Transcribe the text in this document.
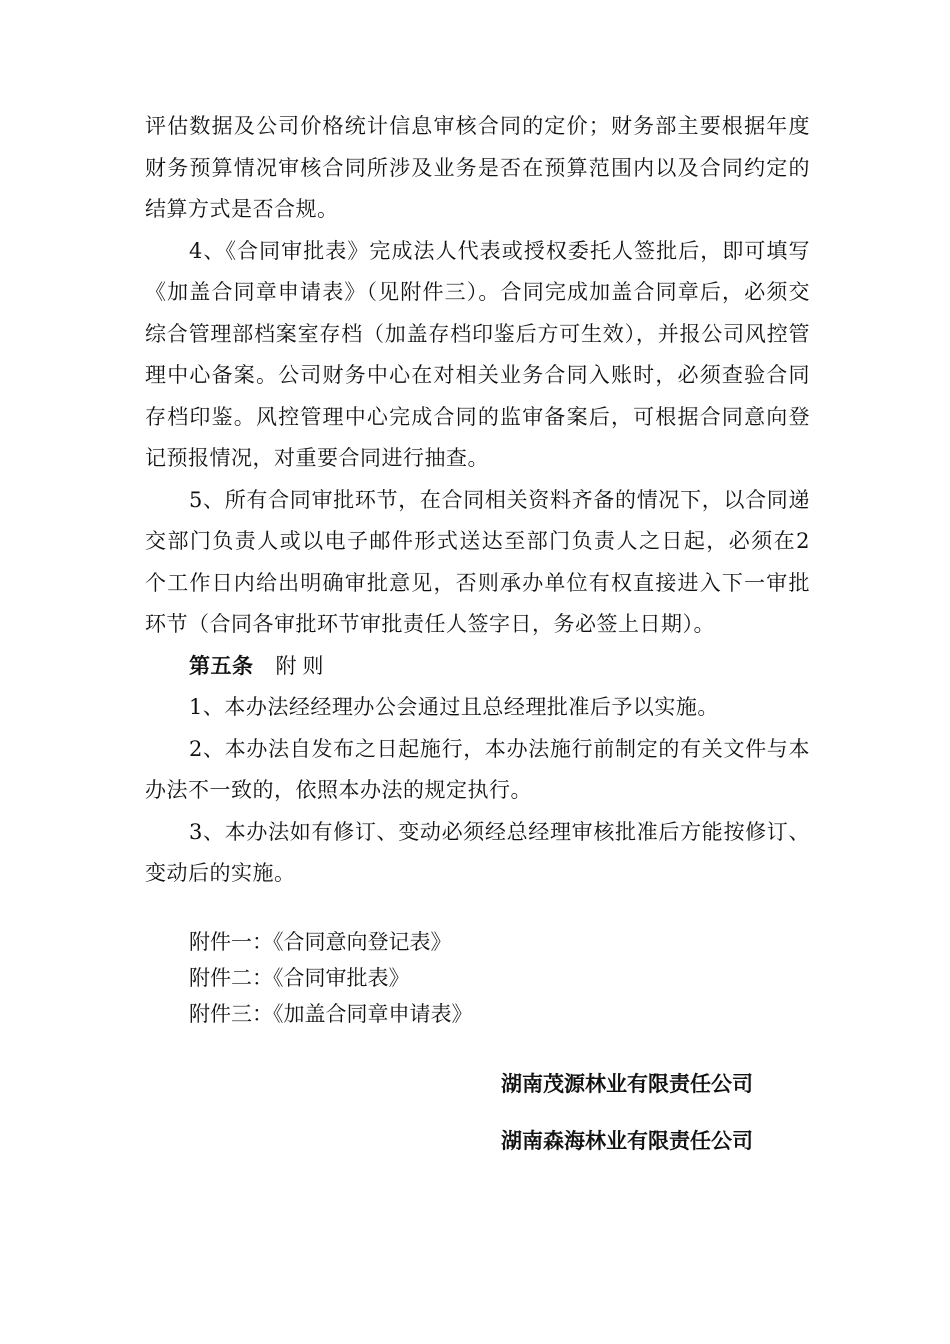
评估数据及公司价格统计信息审核合同的定价；财务部主要根据年度财务预算情况审核合同所涉及业务是否在预算范围内以及合同约定的结算方式是否合规。

4、《合同审批表》完成法人代表或授权委托人签批后，即可填写《加盖合同章申请表》（见附件三）。合同完成加盖合同章后，必须交综合管理部档案室存档（加盖存档印鉴后方可生效），并报公司风控管理中心备案。公司财务中心在对相关业务合同入账时，必须查验合同存档印鉴。风控管理中心完成合同的监审备案后，可根据合同意向登记预报情况，对重要合同进行抽查。

5、所有合同审批环节，在合同相关资料齐备的情况下，以合同递交部门负责人或以电子邮件形式送达至部门负责人之日起，必须在2 个工作日内给出明确审批意见，否则承办单位有权直接进入下一审批环节（合同各审批环节审批责任人签字日，务必签上日期）。

第五条 附则

1、本办法经经理办公会通过且总经理批准后予以实施。

2、本办法自发布之日起施行，本办法施行前制定的有关文件与本办法不一致的，依照本办法的规定执行。

3、本办法如有修订、变动必须经总经理审核批准后方能按修订、变动后的实施。

附件一：《合同意向登记表》
附件二：《合同审批表》
附件三：《加盖合同章申请表》
湖南茂源林业有限责任公司
湖南森海林业有限责任公司
